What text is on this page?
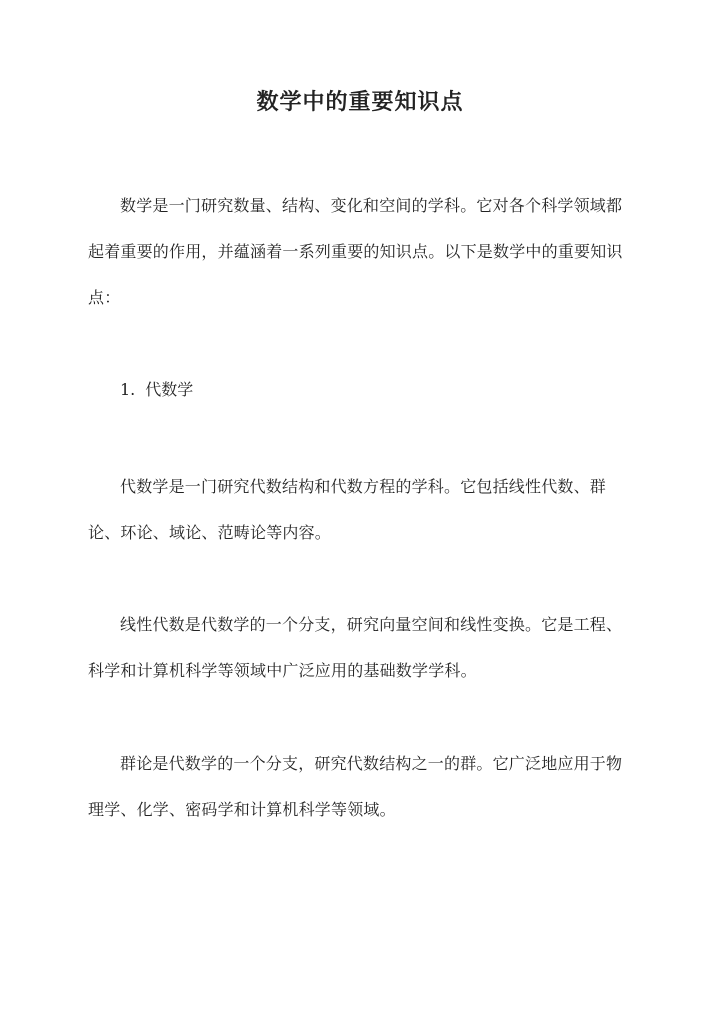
数学中的重要知识点

数学是一门研究数量、结构、变化和空间的学科。它对各个科学领域都起着重要的作用，并蕴涵着一系列重要的知识点。以下是数学中的重要知识点：

1. 代数学

代数学是一门研究代数结构和代数方程的学科。它包括线性代数、群论、环论、域论、范畴论等内容。

线性代数是代数学的一个分支，研究向量空间和线性变换。它是工程、科学和计算机科学等领域中广泛应用的基础数学学科。

群论是代数学的一个分支，研究代数结构之一的群。它广泛地应用于物理学、化学、密码学和计算机科学等领域。
